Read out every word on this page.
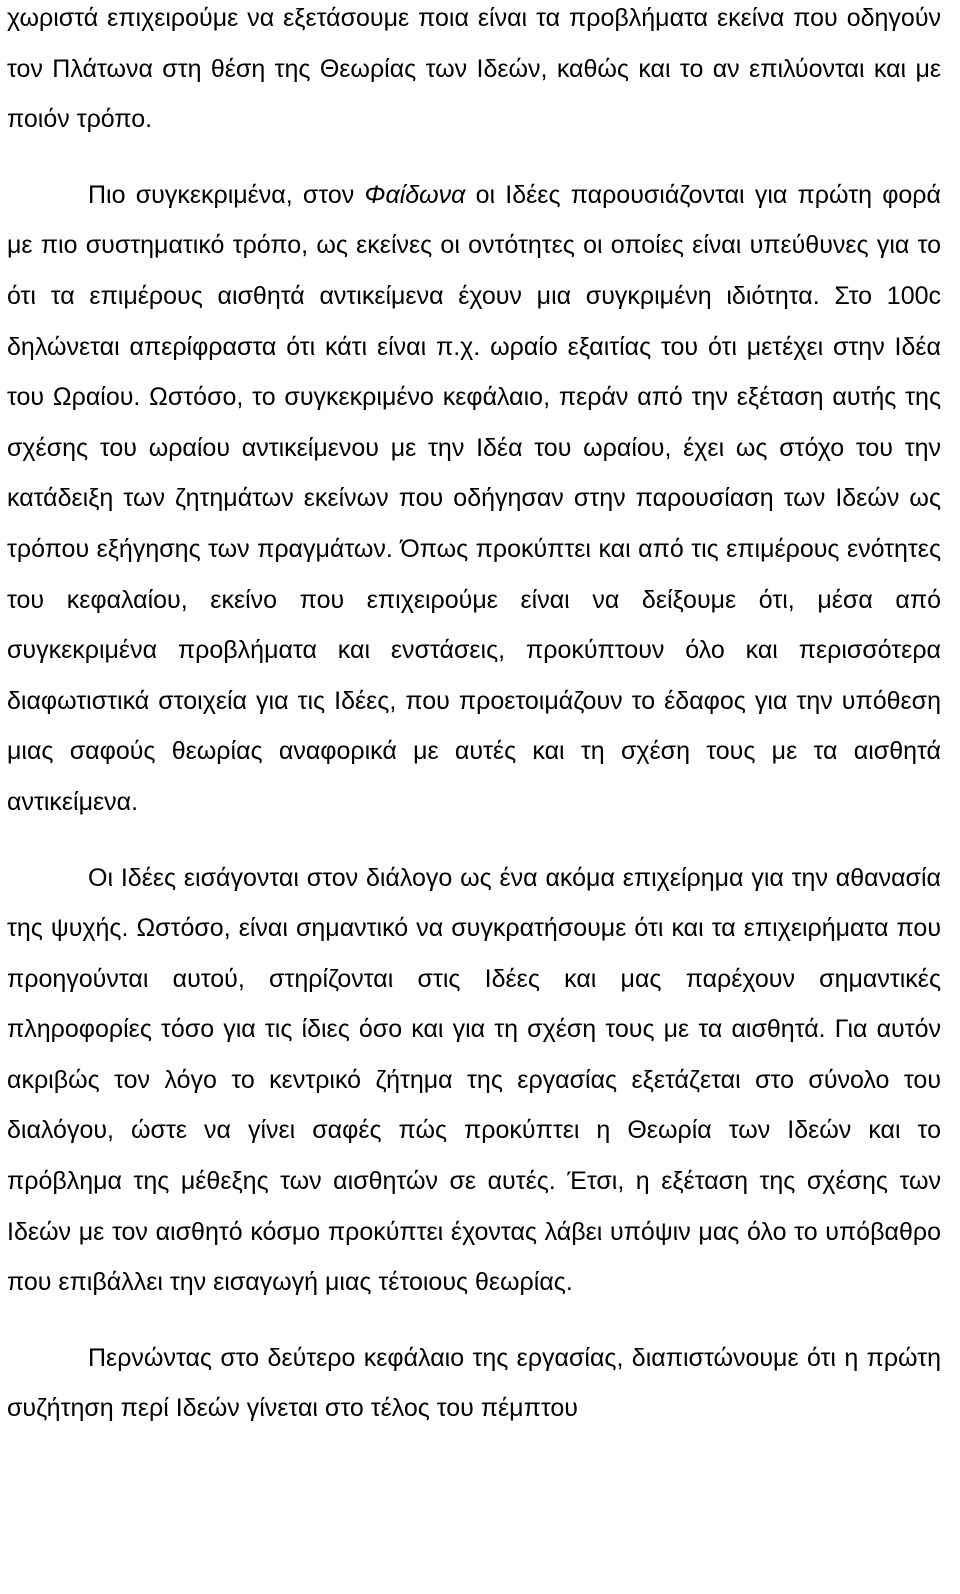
χωριστά επιχειρούμε να εξετάσουμε ποια είναι τα προβλήματα εκείνα που οδηγούν τον Πλάτωνα στη θέση της Θεωρίας των Ιδεών, καθώς και το αν επιλύονται και με ποιόν τρόπο.

Πιο συγκεκριμένα, στον Φαίδωνα οι Ιδέες παρουσιάζονται για πρώτη φορά με πιο συστηματικό τρόπο, ως εκείνες οι οντότητες οι οποίες είναι υπεύθυνες για το ότι τα επιμέρους αισθητά αντικείμενα έχουν μια συγκριμένη ιδιότητα. Στο 100c δηλώνεται απερίφραστα ότι κάτι είναι π.χ. ωραίο εξαιτίας του ότι μετέχει στην Ιδέα του Ωραίου. Ωστόσο, το συγκεκριμένο κεφάλαιο, περάν από την εξέταση αυτής της σχέσης του ωραίου αντικείμενου με την Ιδέα του ωραίου, έχει ως στόχο του την κατάδειξη των ζητημάτων εκείνων που οδήγησαν στην παρουσίαση των Ιδεών ως τρόπου εξήγησης των πραγμάτων. Όπως προκύπτει και από τις επιμέρους ενότητες του κεφαλαίου, εκείνο που επιχειρούμε είναι να δείξουμε ότι, μέσα από συγκεκριμένα προβλήματα και ενστάσεις, προκύπτουν όλο και περισσότερα διαφωτιστικά στοιχεία για τις Ιδέες, που προετοιμάζουν το έδαφος για την υπόθεση μιας σαφούς θεωρίας αναφορικά με αυτές και τη σχέση τους με τα αισθητά αντικείμενα.

Οι Ιδέες εισάγονται στον διάλογο ως ένα ακόμα επιχείρημα για την αθανασία της ψυχής. Ωστόσο, είναι σημαντικό να συγκρατήσουμε ότι και τα επιχειρήματα που προηγούνται αυτού, στηρίζονται στις Ιδέες και μας παρέχουν σημαντικές πληροφορίες τόσο για τις ίδιες όσο και για τη σχέση τους με τα αισθητά. Για αυτόν ακριβώς τον λόγο το κεντρικό ζήτημα της εργασίας εξετάζεται στο σύνολο του διαλόγου, ώστε να γίνει σαφές πώς προκύπτει η Θεωρία των Ιδεών και το πρόβλημα της μέθεξης των αισθητών σε αυτές. Έτσι, η εξέταση της σχέσης των Ιδεών με τον αισθητό κόσμο προκύπτει έχοντας λάβει υπόψιν μας όλο το υπόβαθρο που επιβάλλει την εισαγωγή μιας τέτοιους θεωρίας.

Περνώντας στο δεύτερο κεφάλαιο της εργασίας, διαπιστώνουμε ότι η πρώτη συζήτηση περί Ιδεών γίνεται στο τέλος του πέμπτου
